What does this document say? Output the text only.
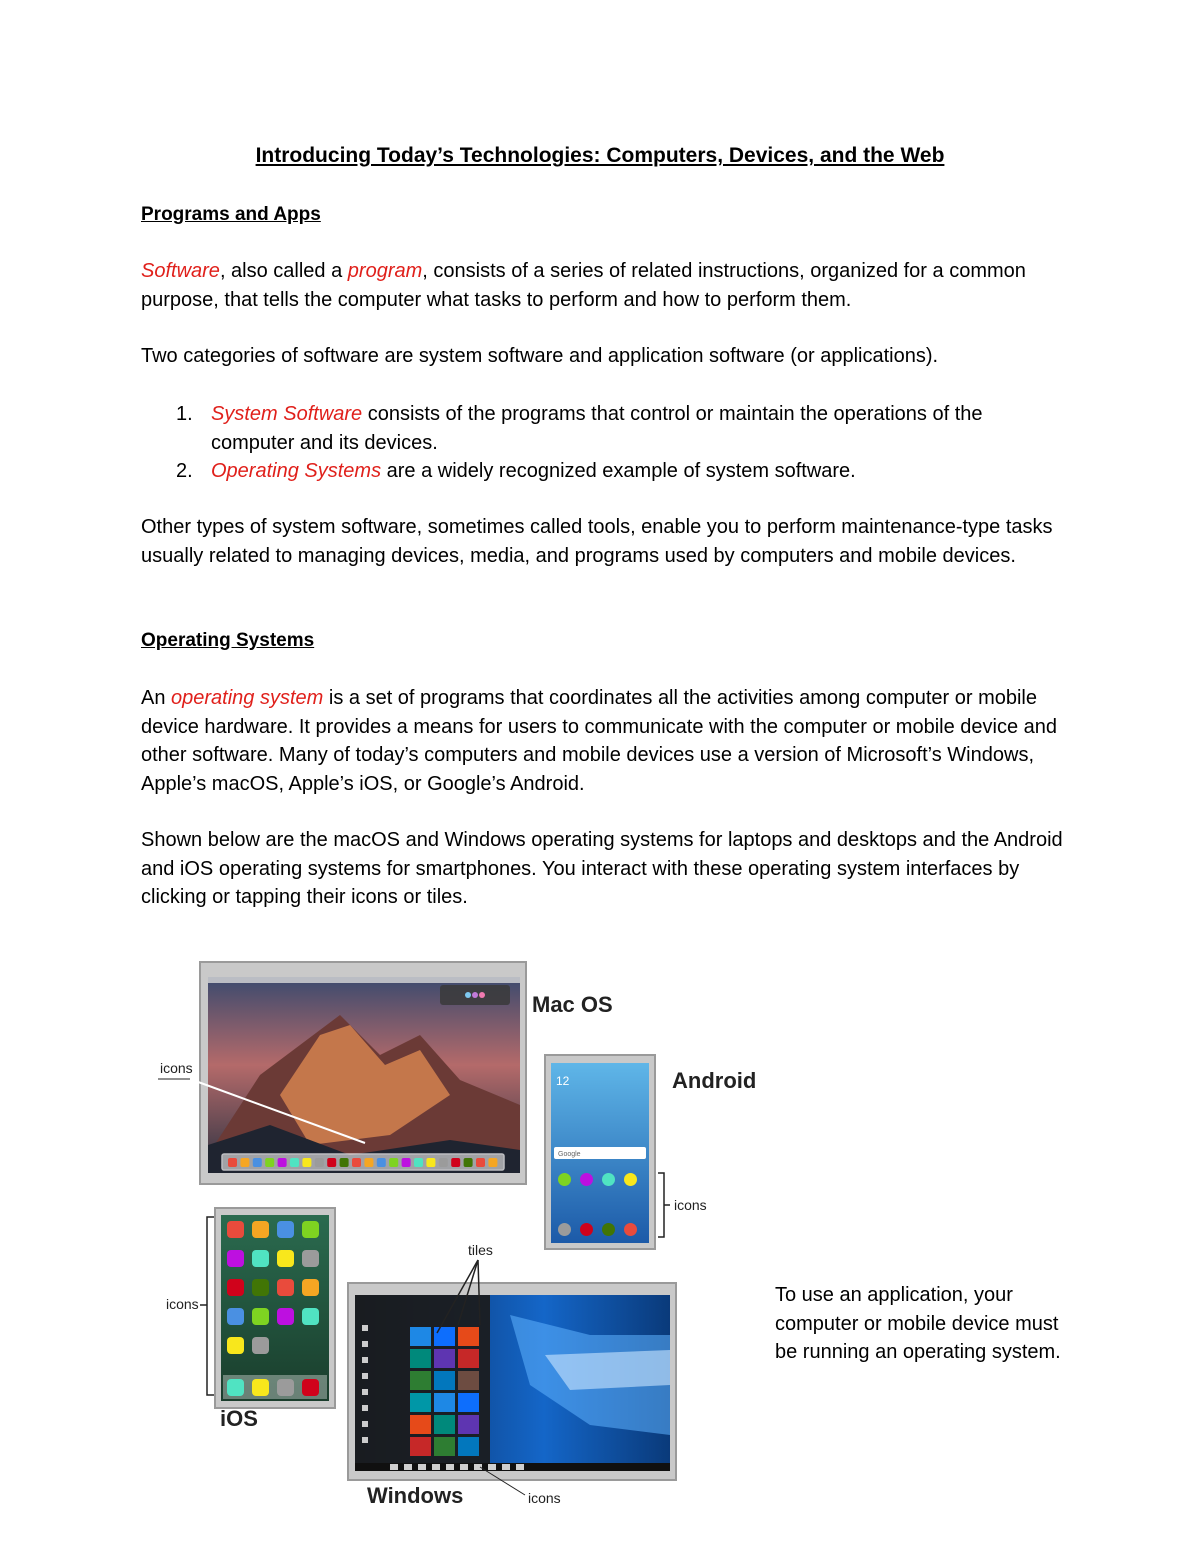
Introducing Today’s Technologies: Computers, Devices, and the Web
Programs and Apps

Software, also called a program, consists of a series of related instructions, organized for a common purpose, that tells the computer what tasks to perform and how to perform them.

Two categories of software are system software and application software (or applications).

1. System Software consists of the programs that control or maintain the operations of the computer and its devices.
2. Operating Systems are a widely recognized example of system software.

Other types of system software, sometimes called tools, enable you to perform maintenance-type tasks usually related to managing devices, media, and programs used by computers and mobile devices.

Operating Systems

An operating system is a set of programs that coordinates all the activities among computer or mobile device hardware. It provides a means for users to communicate with the computer or mobile device and other software. Many of today’s computers and mobile devices use a version of Microsoft’s Windows, Apple’s macOS, Apple’s iOS, or Google’s Android.

Shown below are the macOS and Windows operating systems for laptops and desktops and the Android and iOS operating systems for smartphones. You interact with these operating system interfaces by clicking or tapping their icons or tiles.

Mac OS
icons
12
Google
Android
icons
icons
iOS
tiles
Windows	icons

To use an application, your computer or mobile device must be running an operating system.
